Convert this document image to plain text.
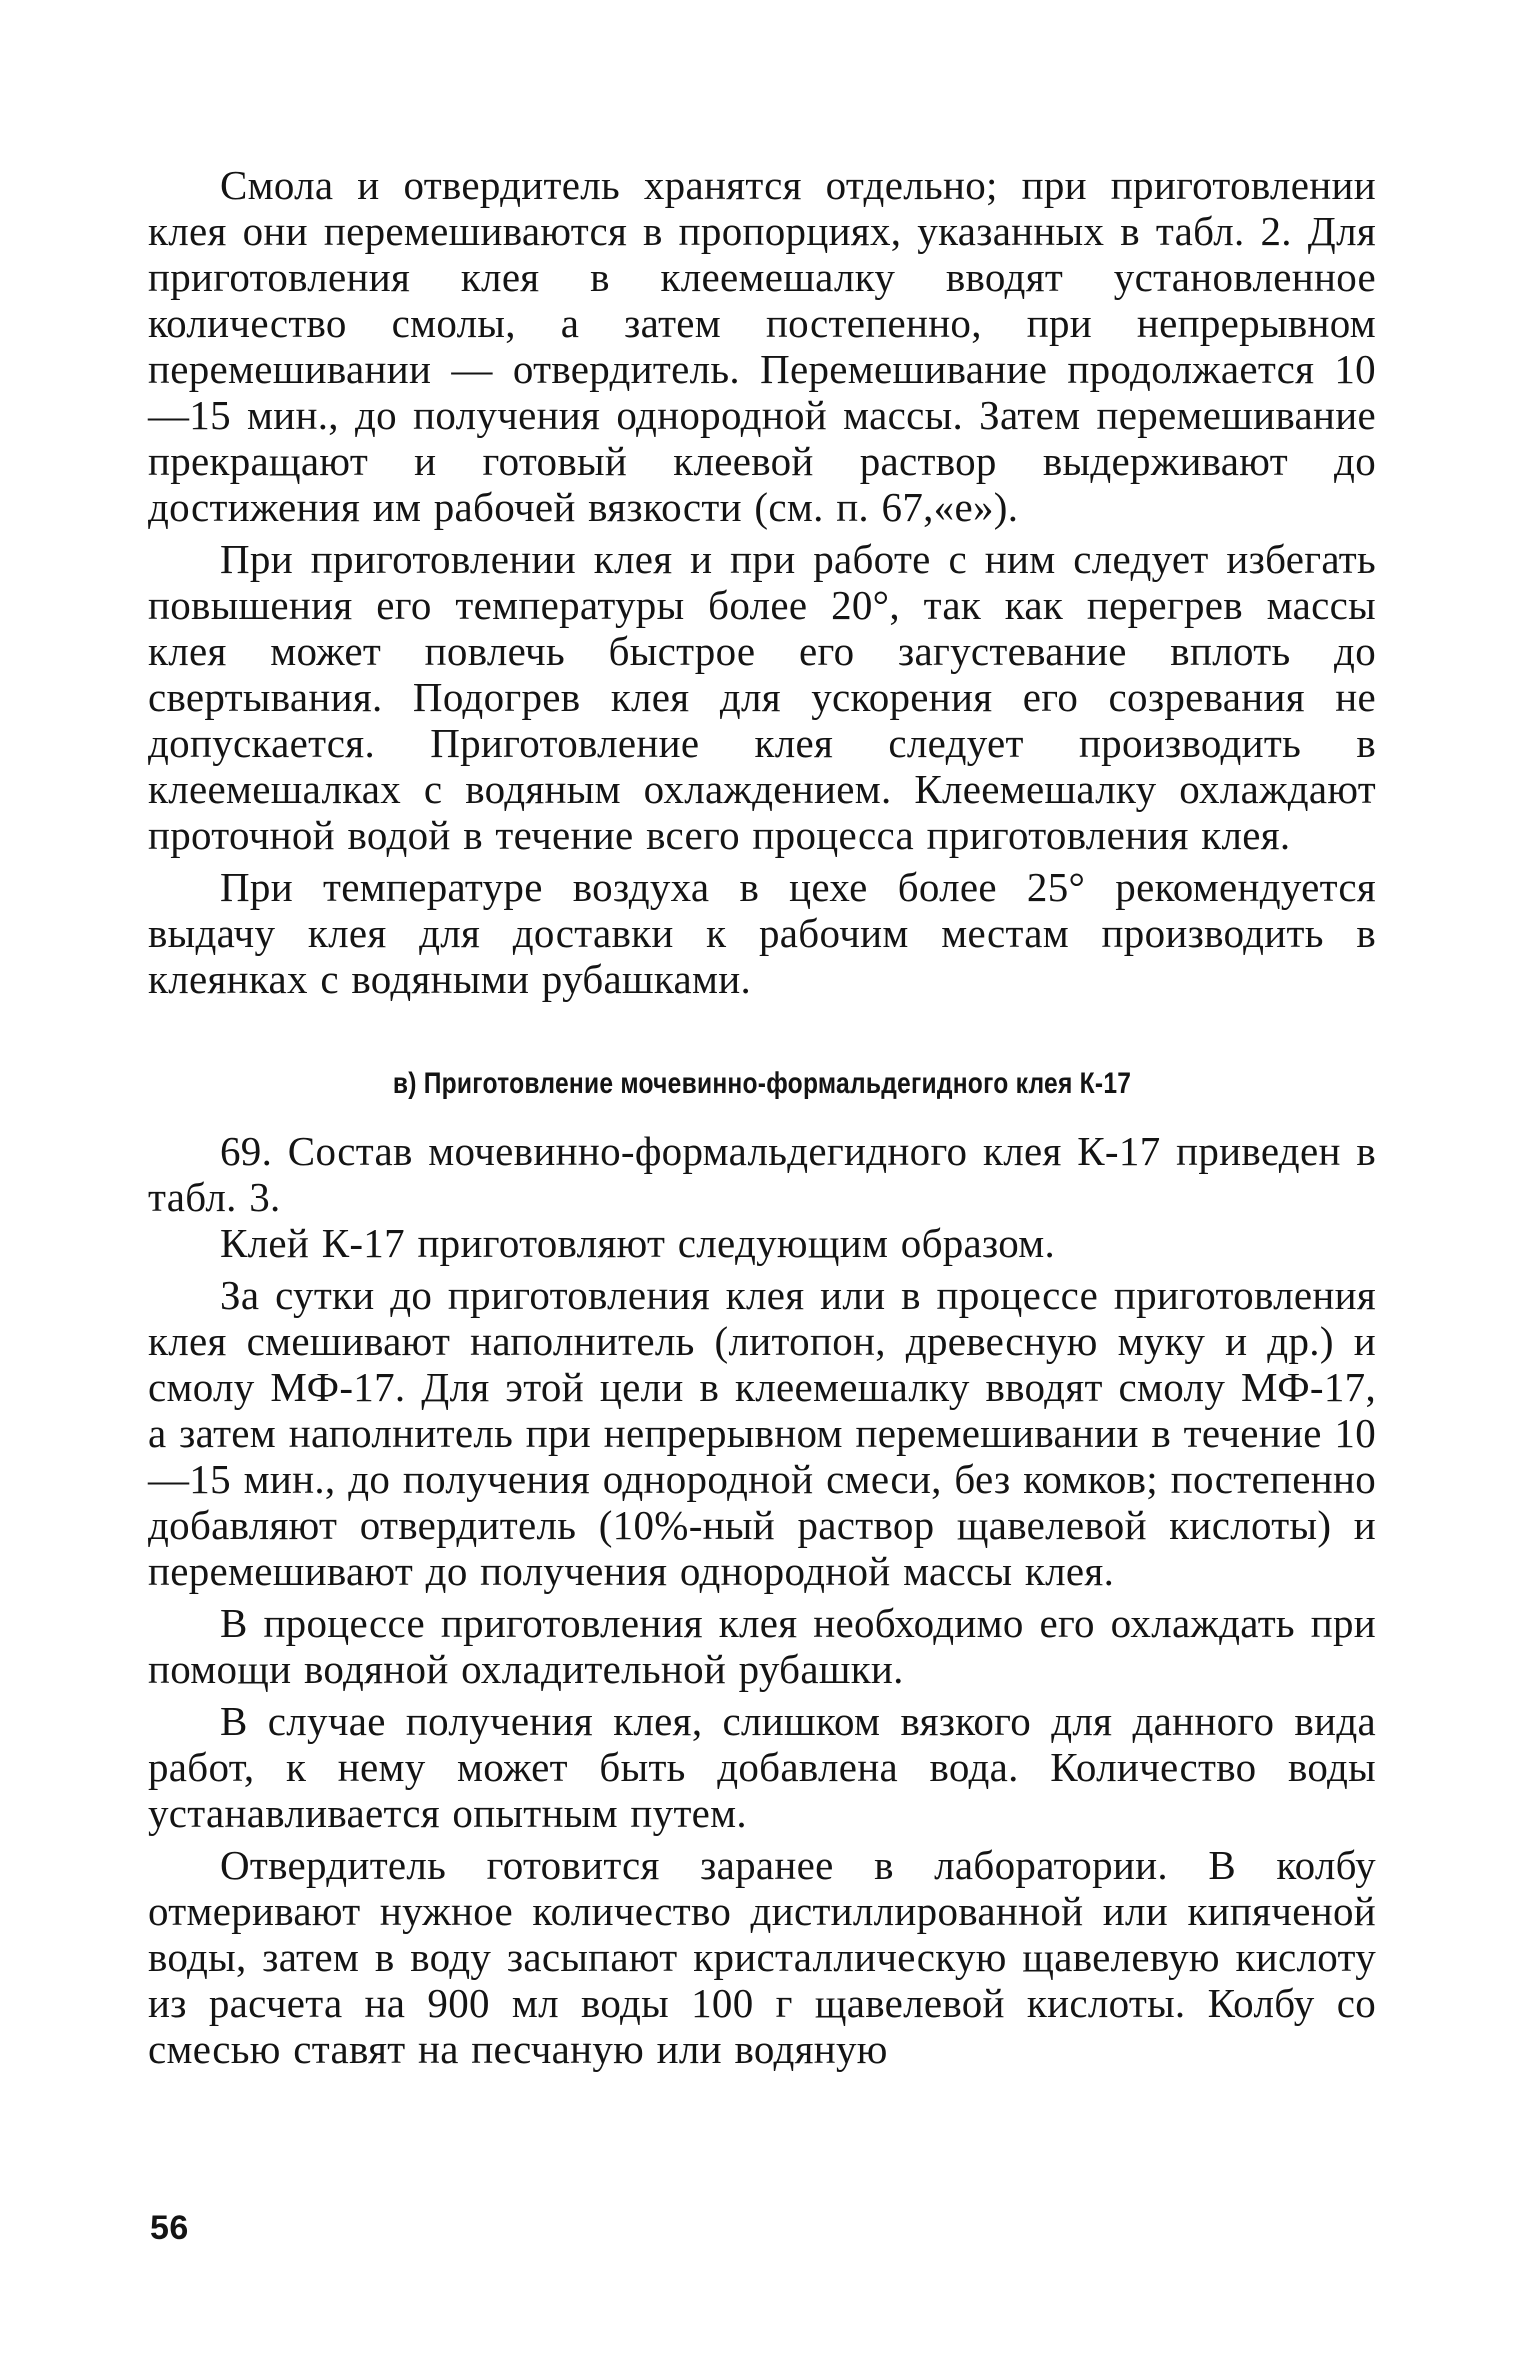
Смола и отвердитель хранятся отдельно; при приготовлении клея они перемешиваются в пропорциях, указанных в табл. 2. Для приготовления клея в клеемешалку вводят установленное количество смолы, а затем постепенно, при непрерывном перемешивании — отвердитель. Перемешивание продолжается 10—15 мин., до получения однородной массы. Затем перемешивание прекращают и готовый клеевой раствор выдерживают до достижения им рабочей вязкости (см. п. 67,«е»).

При приготовлении клея и при работе с ним следует избегать повышения его температуры более 20°, так как перегрев массы клея может повлечь быстрое его загустевание вплоть до свертывания. Подогрев клея для ускорения его созревания не допускается. Приготовление клея следует производить в клеемешалках с водяным охлаждением. Клеемешалку охлаждают проточной водой в течение всего процесса приготовления клея.

При температуре воздуха в цехе более 25° рекомендуется выдачу клея для доставки к рабочим местам производить в клеянках с водяными рубашками.

в) Приготовление мочевинно-формальдегидного клея К-17

69. Состав мочевинно-формальдегидного клея К-17 приведен в табл. 3.

Клей К-17 приготовляют следующим образом.

За сутки до приготовления клея или в процессе приготовления клея смешивают наполнитель (литопон, древесную муку и др.) и смолу МФ-17. Для этой цели в клеемешалку вводят смолу МФ-17, а затем наполнитель при непрерывном перемешивании в течение 10—15 мин., до получения однородной смеси, без комков; постепенно добавляют отвердитель (10%-ный раствор щавелевой кислоты) и перемешивают до получения однородной массы клея.

В процессе приготовления клея необходимо его охлаждать при помощи водяной охладительной рубашки.

В случае получения клея, слишком вязкого для данного вида работ, к нему может быть добавлена вода. Количество воды устанавливается опытным путем.

Отвердитель готовится заранее в лаборатории. В колбу отмеривают нужное количество дистиллированной или кипяченой воды, затем в воду засыпают кристаллическую щавелевую кислоту из расчета на 900 мл воды 100 г щавелевой кислоты. Колбу со смесью ставят на песчаную или водяную

56
